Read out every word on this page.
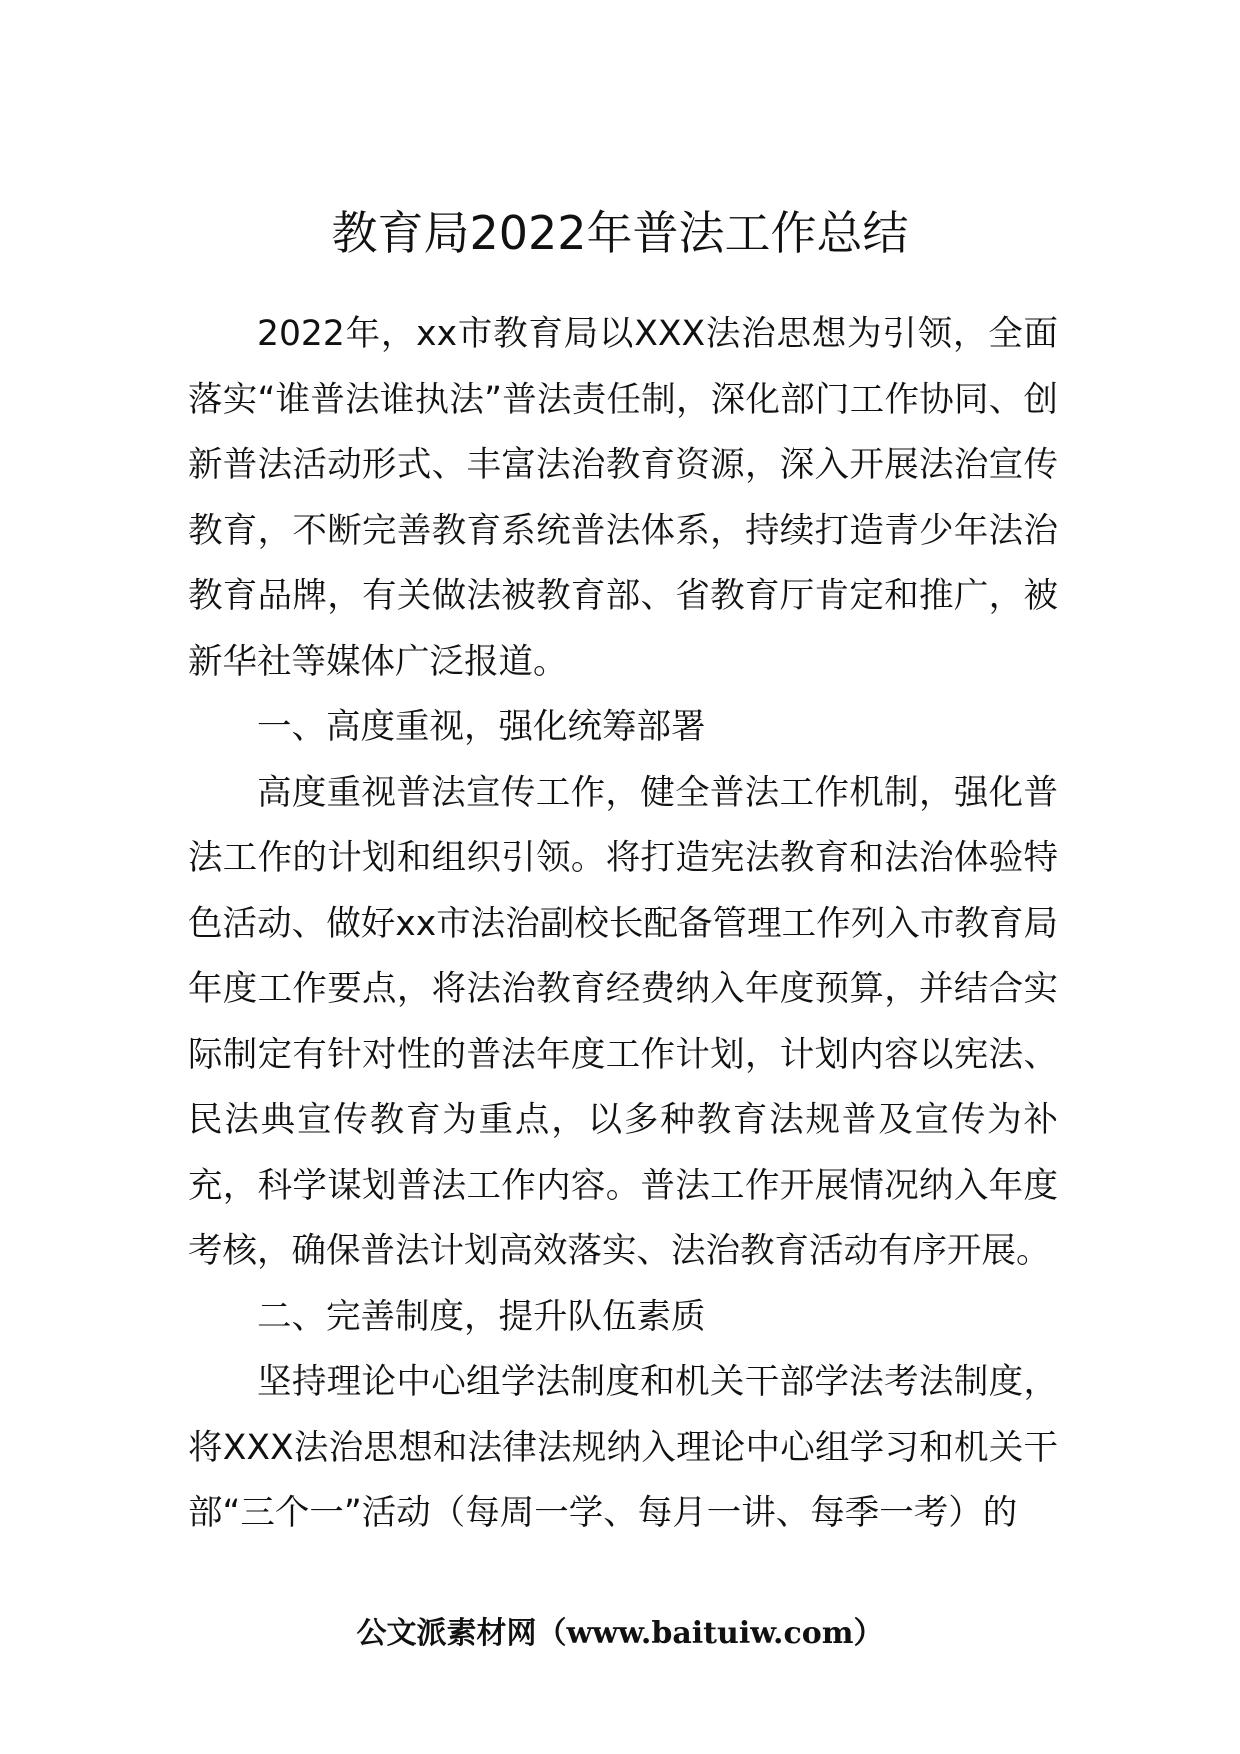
教育局2022年普法工作总结

2022年，xx市教育局以XXX法治思想为引领，全面落实“谁普法谁执法”普法责任制，深化部门工作协同、创新普法活动形式、丰富法治教育资源，深入开展法治宣传教育，不断完善教育系统普法体系，持续打造青少年法治教育品牌，有关做法被教育部、省教育厅肯定和推广，被新华社等媒体广泛报道。

一、高度重视，强化统筹部署

高度重视普法宣传工作，健全普法工作机制，强化普法工作的计划和组织引领。将打造宪法教育和法治体验特色活动、做好xx市法治副校长配备管理工作列入市教育局年度工作要点，将法治教育经费纳入年度预算，并结合实际制定有针对性的普法年度工作计划，计划内容以宪法、民法典宣传教育为重点，以多种教育法规普及宣传为补充，科学谋划普法工作内容。普法工作开展情况纳入年度考核，确保普法计划高效落实、法治教育活动有序开展。

二、完善制度，提升队伍素质

坚持理论中心组学法制度和机关干部学法考法制度，将XXX法治思想和法律法规纳入理论中心组学习和机关干部“三个一”活动（每周一学、每月一讲、每季一考）的

公文派素材网（www.baituiw.com）
